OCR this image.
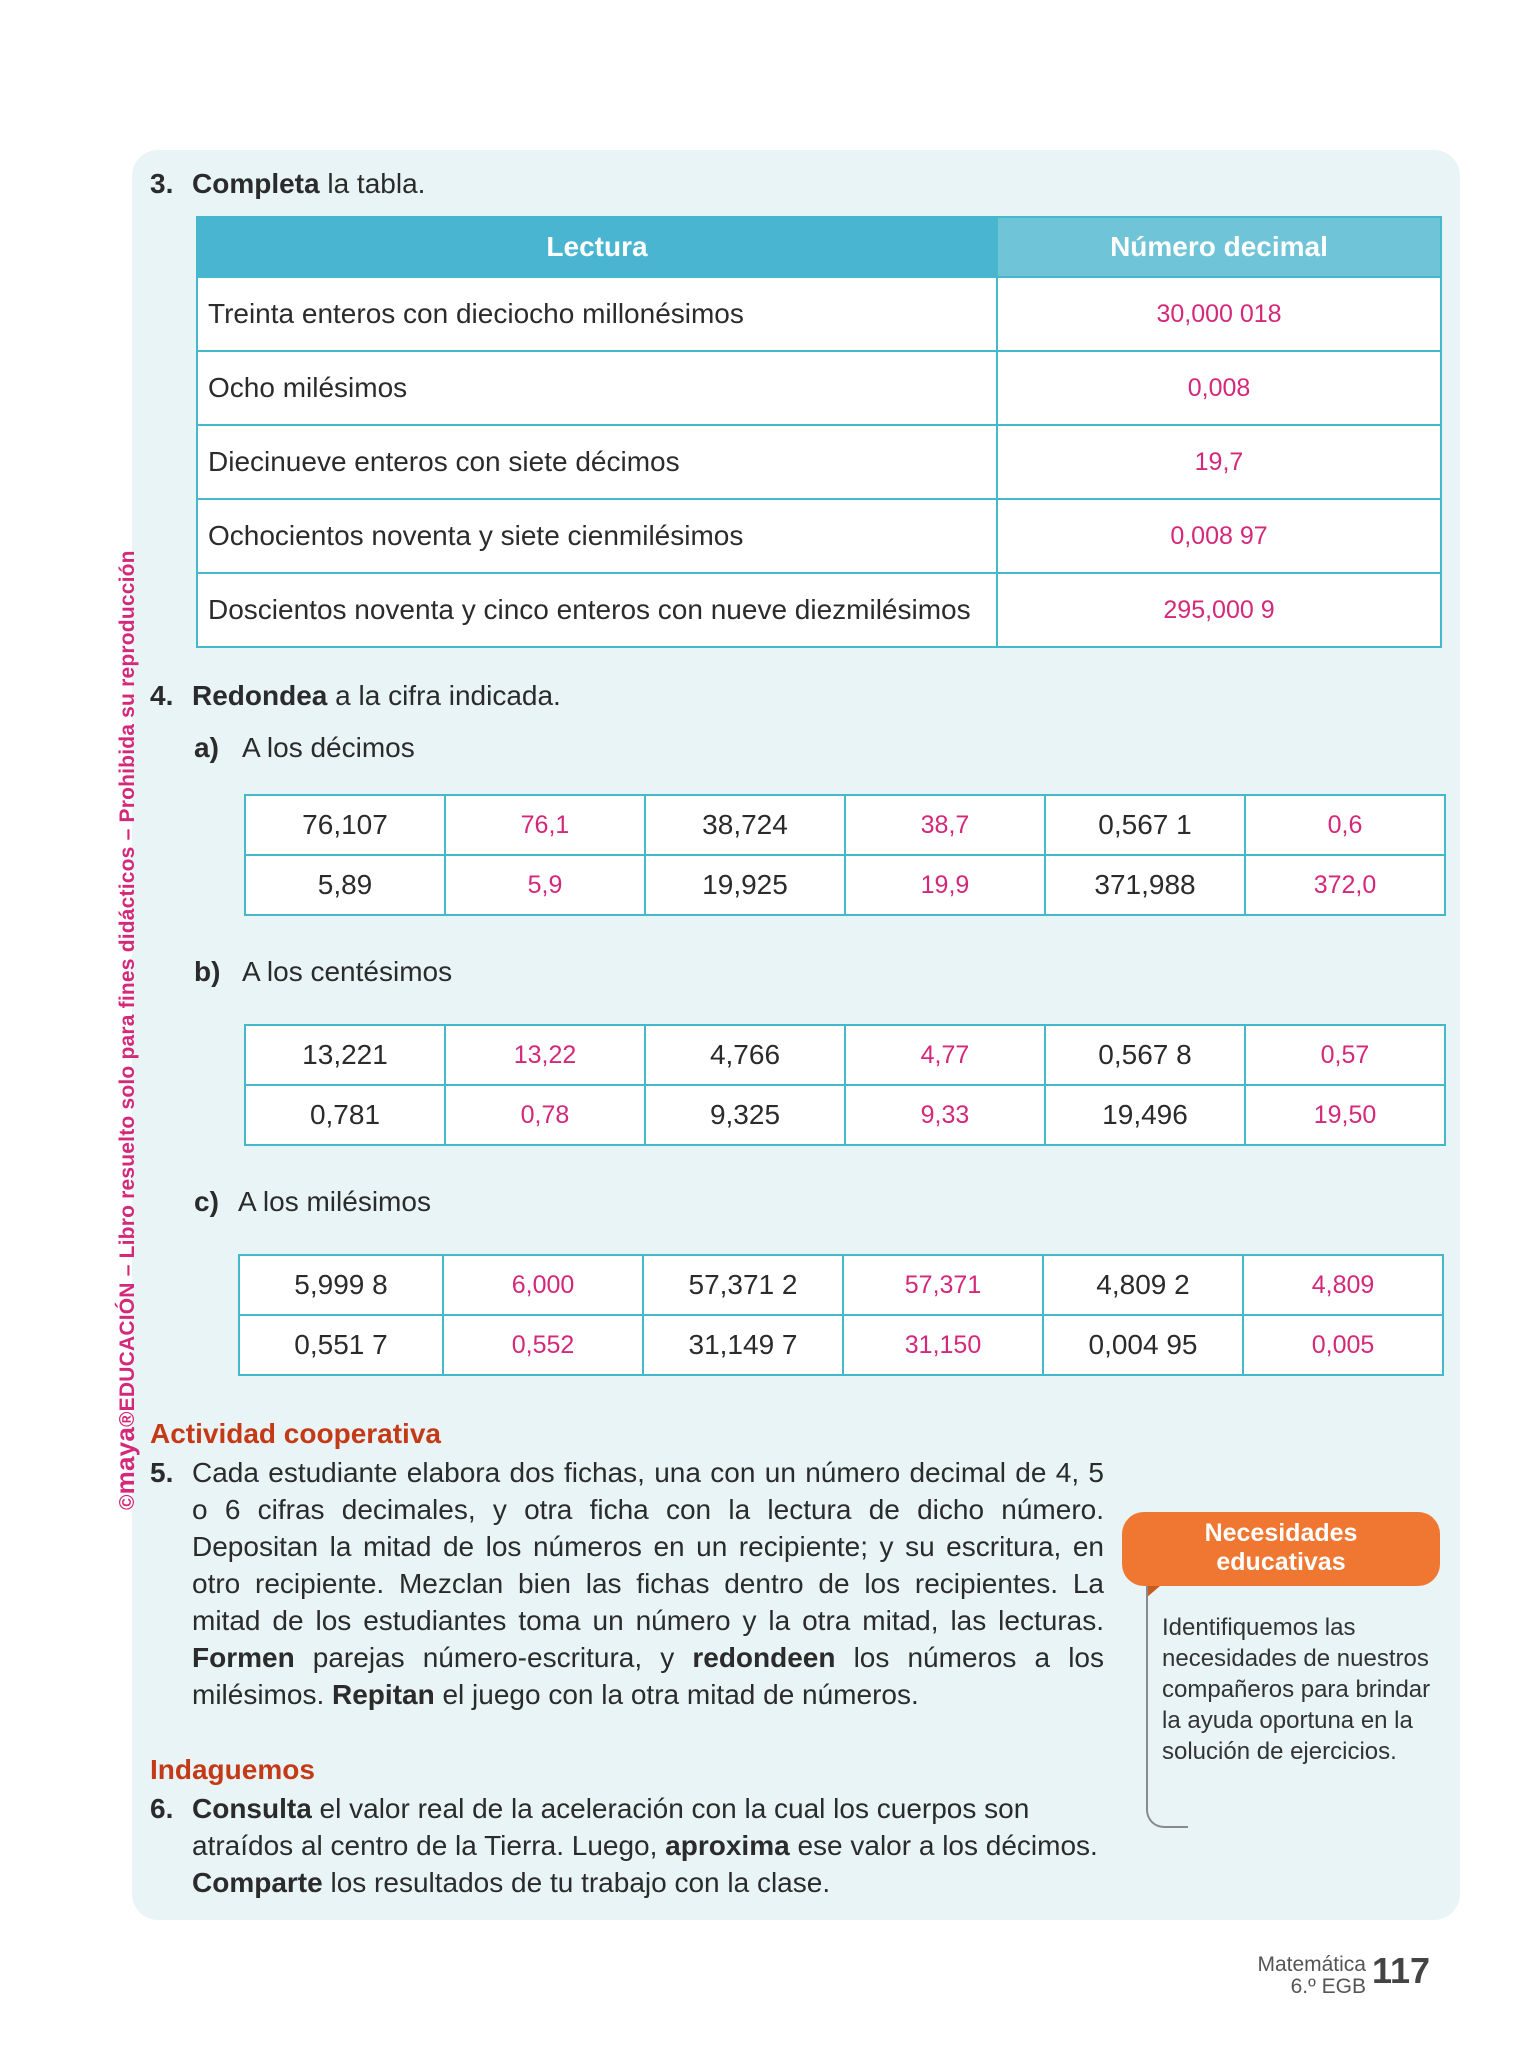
©maya®EDUCACIÓN – Libro resuelto solo para fines didácticos – Prohibida su reproducción
3. Completa la tabla.
Lectura	Número decimal
Treinta enteros con dieciocho millonésimos	30,000 018
Ocho milésimos	0,008
Diecinueve enteros con siete décimos	19,7
Ochocientos noventa y siete cienmilésimos	0,008 97
Doscientos noventa y cinco enteros con nueve diezmilésimos	295,000 9
4. Redondea a la cifra indicada.
a) A los décimos
76,107	76,1	38,724	38,7	0,567 1	0,6
5,89	5,9	19,925	19,9	371,988	372,0
b) A los centésimos
13,221	13,22	4,766	4,77	0,567 8	0,57
0,781	0,78	9,325	9,33	19,496	19,50
c) A los milésimos
5,999 8	6,000	57,371 2	57,371	4,809 2	4,809
0,551 7	0,552	31,149 7	31,150	0,004 95	0,005
Actividad cooperativa
5. Cada estudiante elabora dos fichas, una con un número decimal de 4, 5 o 6 cifras decimales, y otra ficha con la lectura de dicho número. Depositan la mitad de los números en un recipiente; y su escritura, en otro recipiente. Mezclan bien las fichas dentro de los recipientes. La mitad de los estudiantes toma un número y la otra mitad, las lecturas. Formen parejas número-escritura, y redondeen los números a los milésimos. Repitan el juego con la otra mitad de números.
Indaguemos
6. Consulta el valor real de la aceleración con la cual los cuerpos son atraídos al centro de la Tierra. Luego, aproxima ese valor a los décimos.
Comparte los resultados de tu trabajo con la clase.
Necesidades
educativas
Identifiquemos las necesidades de nuestros compañeros para brindar la ayuda oportuna en la solución de ejercicios.
Matemática
6.º EGB 117
